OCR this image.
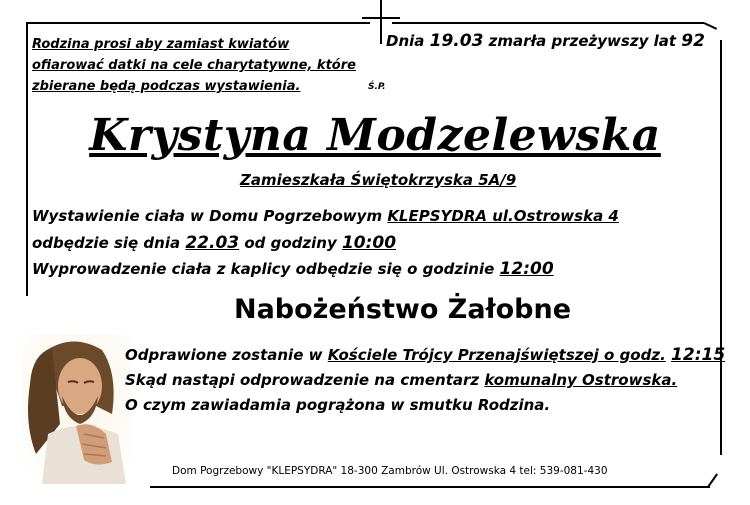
Rodzina prosi aby zamiast kwiatów
ofiarować datki na cele charytatywne, które
zbierane będą podczas wystawienia.
Dnia 19.03 zmarła przeżywszy lat 92
Ś.P.
Krystyna Modzelewska
Zamieszkała Świętokrzyska 5A/9
Wystawienie ciała w Domu Pogrzebowym KLEPSYDRA ul.Ostrowska 4
odbędzie się dnia 22.03 od godziny 10:00
Wyprowadzenie ciała z kaplicy odbędzie się o godzinie 12:00
Nabożeństwo Żałobne
Odprawione zostanie w Kościele Trójcy Przenajświętszej o godz. 12:15
Skąd nastąpi odprowadzenie na cmentarz komunalny Ostrowska.
O czym zawiadamia pogrążona w smutku Rodzina.
Dom Pogrzebowy "KLEPSYDRA" 18-300 Zambrów Ul. Ostrowska 4 tel: 539-081-430
